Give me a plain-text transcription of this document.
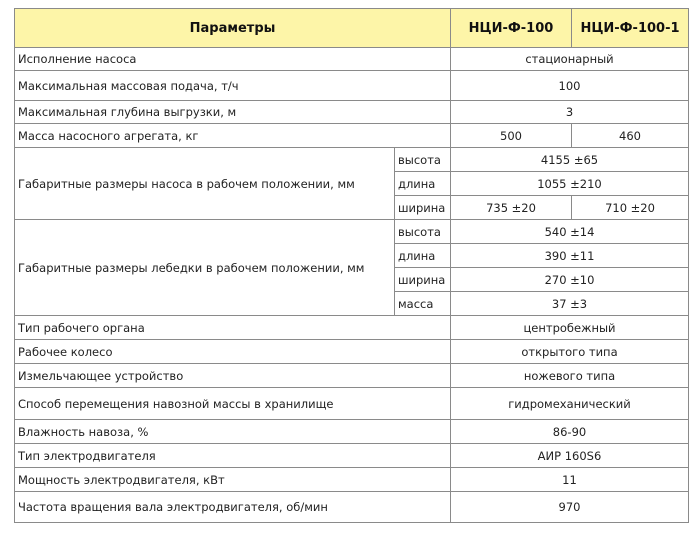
Параметры		НЦИ-Ф-100	НЦИ-Ф-100-1
Исполнение насоса		стационарный	
Максимальная массовая подача, т/ч		100	
Максимальная глубина выгрузки, м		3	
Масса насосного агрегата, кг		500	460
Габаритные размеры насоса в рабочем положении, мм	высота	4155 ±65	
	длина	1055 ±210	
	ширина	735 ±20	710 ±20
Габаритные размеры лебедки в рабочем положении, мм	высота	540 ±14	
	длина	390 ±11	
	ширина	270 ±10	
	масса	37 ±3	
Тип рабочего органа		центробежный	
Рабочее колесо		открытого типа	
Измельчающее устройство		ножевого типа	
Способ перемещения навозной массы в хранилище		гидромеханический	
Влажность навоза, %		86-90	
Тип электродвигателя		АИР 160S6	
Мощность электродвигателя, кВт		11	
Частота вращения вала электродвигателя, об/мин		970	
